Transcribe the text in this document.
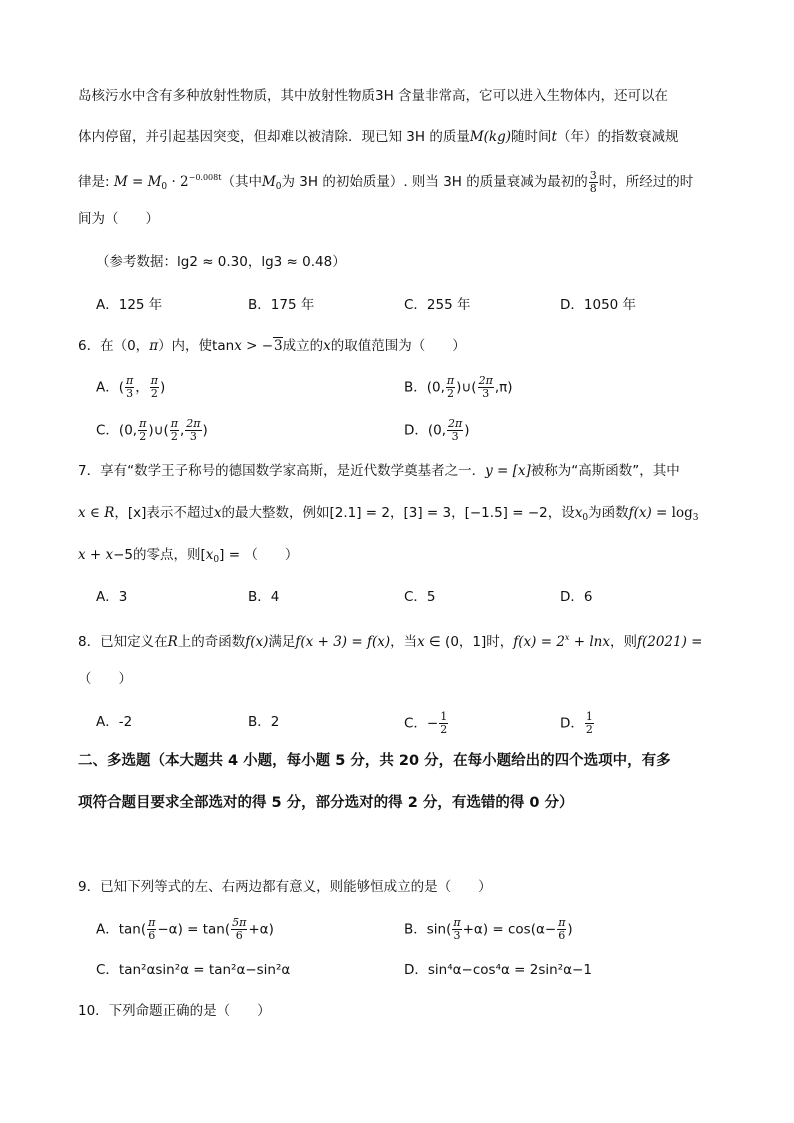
岛核污水中含有多种放射性物质，其中放射性物质3H 含量非常高，它可以进入生物体内，还可以在
体内停留，并引起基因突变，但却难以被清除．现已知 3H 的质量M(kg)随时间t（年）的指数衰减规
律是: $M = M_0 \cdot 2^{-0.008t}$（其中$M_0$为 3H 的初始质量）. 则当 3H 的质量衰减为最初的 $\frac{3}{8}$ 时，所经过的时
间为（　　）
（参考数据：lg2 ≈ 0.30，lg3 ≈ 0.48）
A．125 年	B．175 年	C．255 年	D．1050 年
6．在（0，π）内，使tanx > −3成立的x的取值范围为（　　）
A．( $\frac{\pi}{3}$ ， $\frac{\pi}{2}$ )	B．(0, $\frac{\pi}{2}$ )∪( $\frac{2\pi}{3} ,\pi$)
C．(0, $\frac{\pi}{2}$ )∪( $\frac{\pi}{2}$ , $\frac{2\pi}{3}$ )	D．(0, $\frac{2\pi}{3}$ )
7．享有“数学王子称号的德国数学家高斯，是近代数学奠基者之一．y = [x]被称为“高斯函数”，其中
x ∈ R，[x]表示不超过x的最大整数，例如[2.1] = 2，[3] = 3，[−1.5] = −2，设$x_0$为函数$f(x) = \log_3$
x + x−5的零点，则$[x_0]$ = （　　）
A．3	B．4	C．5	D．6
8．已知定义在R上的奇函数f(x)满足f(x + 3) = f(x)，当x ∈ (0，1]时，$f(x) = 2^x + \ln x$，则f(2021) =
（　　）
A．-2	B．2	C．− $\frac{1}{2}$	D． $\frac{1}{2}$
二、多选题（本大题共 4 小题，每小题 5 分，共 20 分，在每小题给出的四个选项中，有多
项符合题目要求全部选对的得 5 分，部分选对的得 2 分，有选错的得 0 分）
9．已知下列等式的左、右两边都有意义，则能够恒成立的是（　　）
A．$\tan( \frac{\pi}{6} -\alpha) = \tan( \frac{5\pi}{6} +\alpha)$	B．$\sin( \frac{\pi}{3} +\alpha) = \cos(\alpha- \frac{\pi}{6}$ )
C．tan²αsin²α = tan²α−sin²α	D．sin⁴α−cos⁴α = 2sin²α−1
10．下列命题正确的是（　　）
